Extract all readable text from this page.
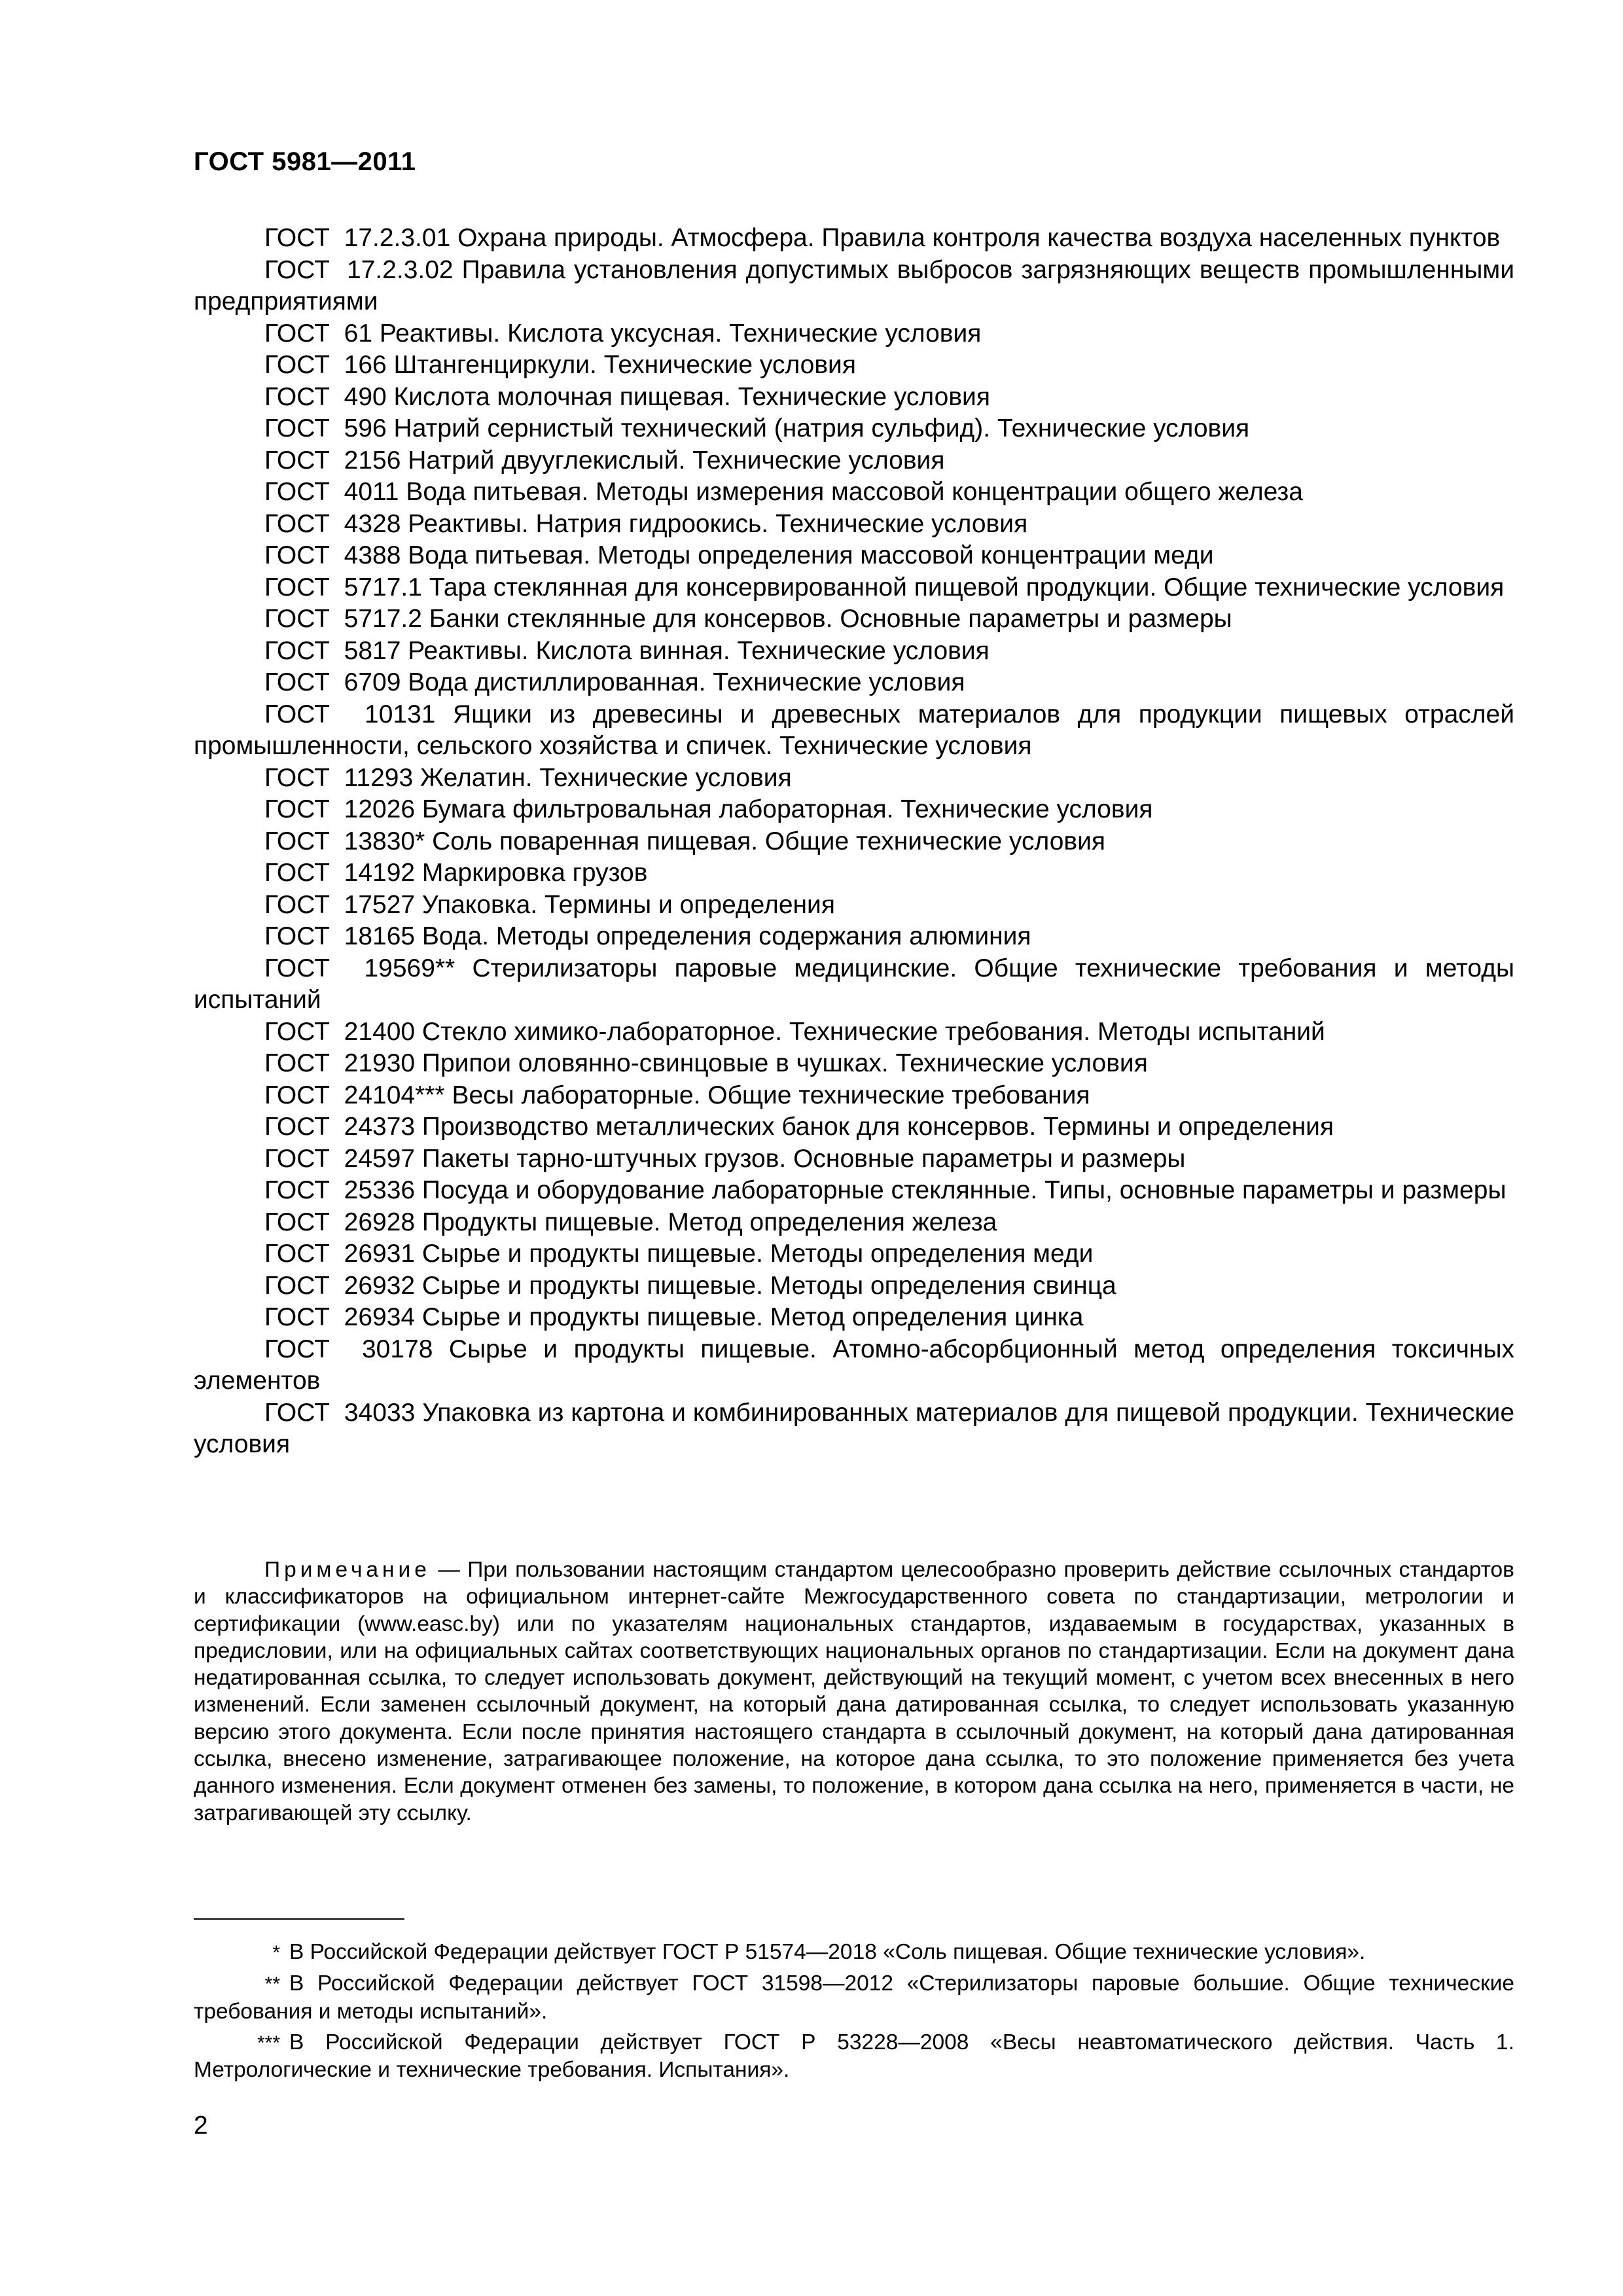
ГОСТ 5981—2011

ГОСТ  17.2.3.01 Охрана природы. Атмосфера. Правила контроля качества воздуха населенных пунктов

ГОСТ  17.2.3.02 Правила установления допустимых выбросов загрязняющих веществ промышленными предприятиями

ГОСТ  61 Реактивы. Кислота уксусная. Технические условия

ГОСТ  166 Штангенциркули. Технические условия

ГОСТ  490 Кислота молочная пищевая. Технические условия

ГОСТ  596 Натрий сернистый технический (натрия сульфид). Технические условия

ГОСТ  2156 Натрий двууглекислый. Технические условия

ГОСТ  4011 Вода питьевая. Методы измерения массовой концентрации общего железа

ГОСТ  4328 Реактивы. Натрия гидроокись. Технические условия

ГОСТ  4388 Вода питьевая. Методы определения массовой концентрации меди

ГОСТ  5717.1 Тара стеклянная для консервированной пищевой продукции. Общие технические условия

ГОСТ  5717.2 Банки стеклянные для консервов. Основные параметры и размеры

ГОСТ  5817 Реактивы. Кислота винная. Технические условия

ГОСТ  6709 Вода дистиллированная. Технические условия

ГОСТ  10131 Ящики из древесины и древесных материалов для продукции пищевых отраслей промышленности, сельского хозяйства и спичек. Технические условия

ГОСТ  11293 Желатин. Технические условия

ГОСТ  12026 Бумага фильтровальная лабораторная. Технические условия

ГОСТ  13830* Соль поваренная пищевая. Общие технические условия

ГОСТ  14192 Маркировка грузов

ГОСТ  17527 Упаковка. Термины и определения

ГОСТ  18165 Вода. Методы определения содержания алюминия

ГОСТ  19569** Стерилизаторы паровые медицинские. Общие технические требования и методы испытаний

ГОСТ  21400 Стекло химико-лабораторное. Технические требования. Методы испытаний

ГОСТ  21930 Припои оловянно-свинцовые в чушках. Технические условия

ГОСТ  24104*** Весы лабораторные. Общие технические требования

ГОСТ  24373 Производство металлических банок для консервов. Термины и определения

ГОСТ  24597 Пакеты тарно-штучных грузов. Основные параметры и размеры

ГОСТ  25336 Посуда и оборудование лабораторные стеклянные. Типы, основные параметры и размеры

ГОСТ  26928 Продукты пищевые. Метод определения железа

ГОСТ  26931 Сырье и продукты пищевые. Методы определения меди

ГОСТ  26932 Сырье и продукты пищевые. Методы определения свинца

ГОСТ  26934 Сырье и продукты пищевые. Метод определения цинка

ГОСТ  30178 Сырье и продукты пищевые. Атомно-абсорбционный метод определения токсичных элементов

ГОСТ  34033 Упаковка из картона и комбинированных материалов для пищевой продукции. Технические условия

Примечание — При пользовании настоящим стандартом целесообразно проверить действие ссылочных стандартов и классификаторов на официальном интернет-сайте Межгосударственного совета по стандартизации, метрологии и сертификации (www.easc.by) или по указателям национальных стандартов, издаваемым в государствах, указанных в предисловии, или на официальных сайтах соответствующих национальных органов по стандартизации. Если на документ дана недатированная ссылка, то следует использовать документ, действующий на текущий момент, с учетом всех внесенных в него изменений. Если заменен ссылочный документ, на который дана датированная ссылка, то следует использовать указанную версию этого документа. Если после принятия настоящего стандарта в ссылочный документ, на который дана датированная ссылка, внесено изменение, затрагивающее положение, на которое дана ссылка, то это положение применяется без учета данного изменения. Если документ отменен без замены, то положение, в котором дана ссылка на него, применяется в части, не затрагивающей эту ссылку.

* В Российской Федерации действует ГОСТ Р 51574—2018 «Соль пищевая. Общие технические условия».

** В Российской Федерации действует ГОСТ 31598—2012 «Стерилизаторы паровые большие. Общие технические требования и методы испытаний».

*** В Российской Федерации действует ГОСТ Р 53228—2008 «Весы неавтоматического действия. Часть 1. Метрологические и технические требования. Испытания».

2
